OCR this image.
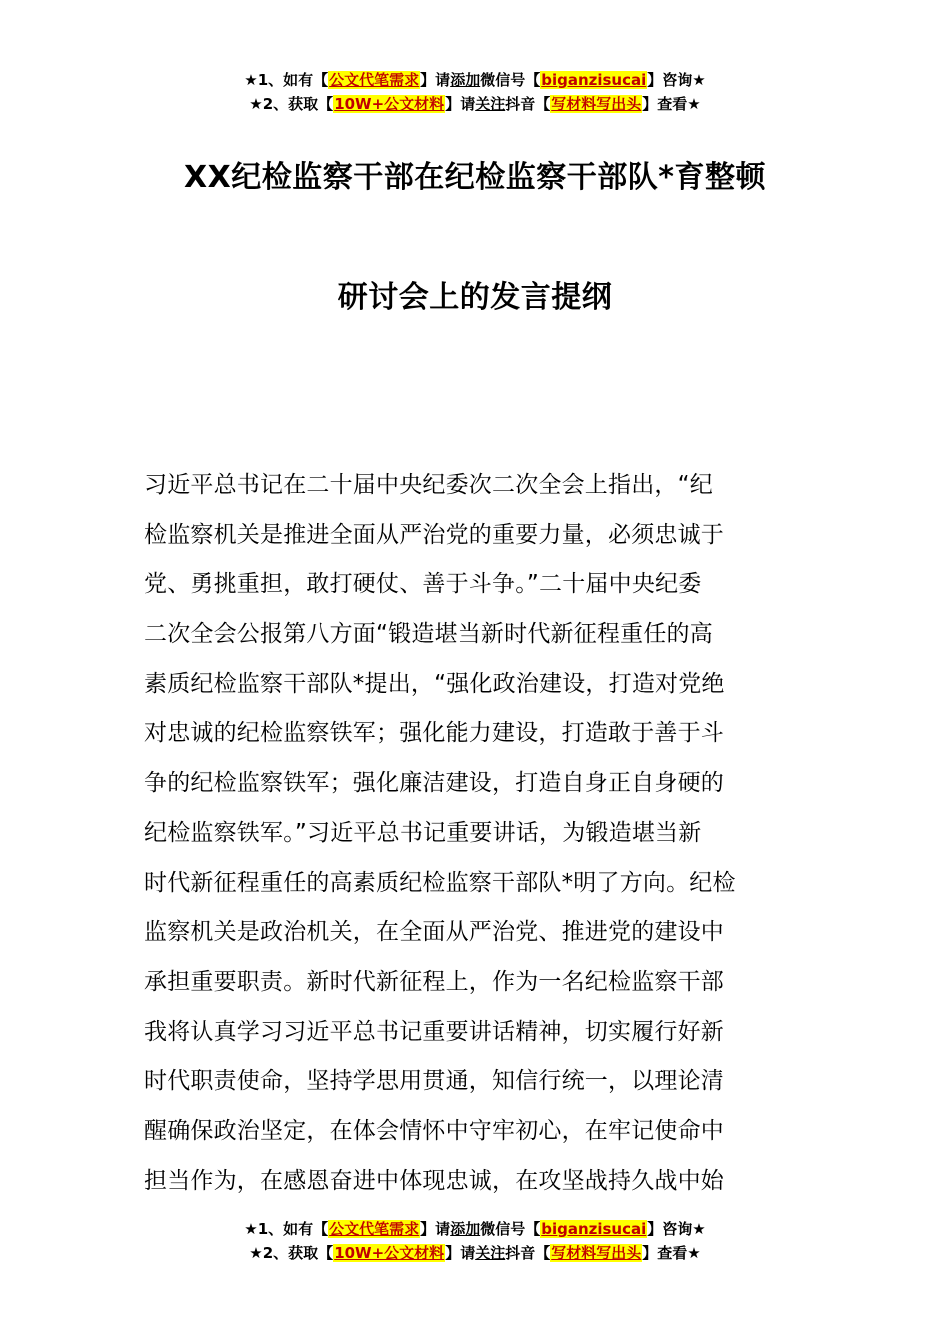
★1、如有【公文代笔需求】请添加微信号【biganzisucai】咨询★
★2、获取【10W+公文材料】请关注抖音【写材料写出头】查看★
XX纪检监察干部在纪检监察干部队*育整顿
研讨会上的发言提纲
习近平总书记在二十届中央纪委次二次全会上指出，“纪
检监察机关是推进全面从严治党的重要力量，必须忠诚于
党、勇挑重担，敢打硬仗、善于斗争。”二十届中央纪委
二次全会公报第八方面“锻造堪当新时代新征程重任的高
素质纪检监察干部队*提出，“强化政治建设，打造对党绝
对忠诚的纪检监察铁军；强化能力建设，打造敢于善于斗
争的纪检监察铁军；强化廉洁建设，打造自身正自身硬的
纪检监察铁军。”习近平总书记重要讲话，为锻造堪当新
时代新征程重任的高素质纪检监察干部队*明了方向。纪检
监察机关是政治机关，在全面从严治党、推进党的建设中
承担重要职责。新时代新征程上，作为一名纪检监察干部
我将认真学习习近平总书记重要讲话精神，切实履行好新
时代职责使命，坚持学思用贯通，知信行统一，以理论清
醒确保政治坚定，在体会情怀中守牢初心，在牢记使命中
担当作为，在感恩奋进中体现忠诚，在攻坚战持久战中始
★1、如有【公文代笔需求】请添加微信号【biganzisucai】咨询★
★2、获取【10W+公文材料】请关注抖音【写材料写出头】查看★
